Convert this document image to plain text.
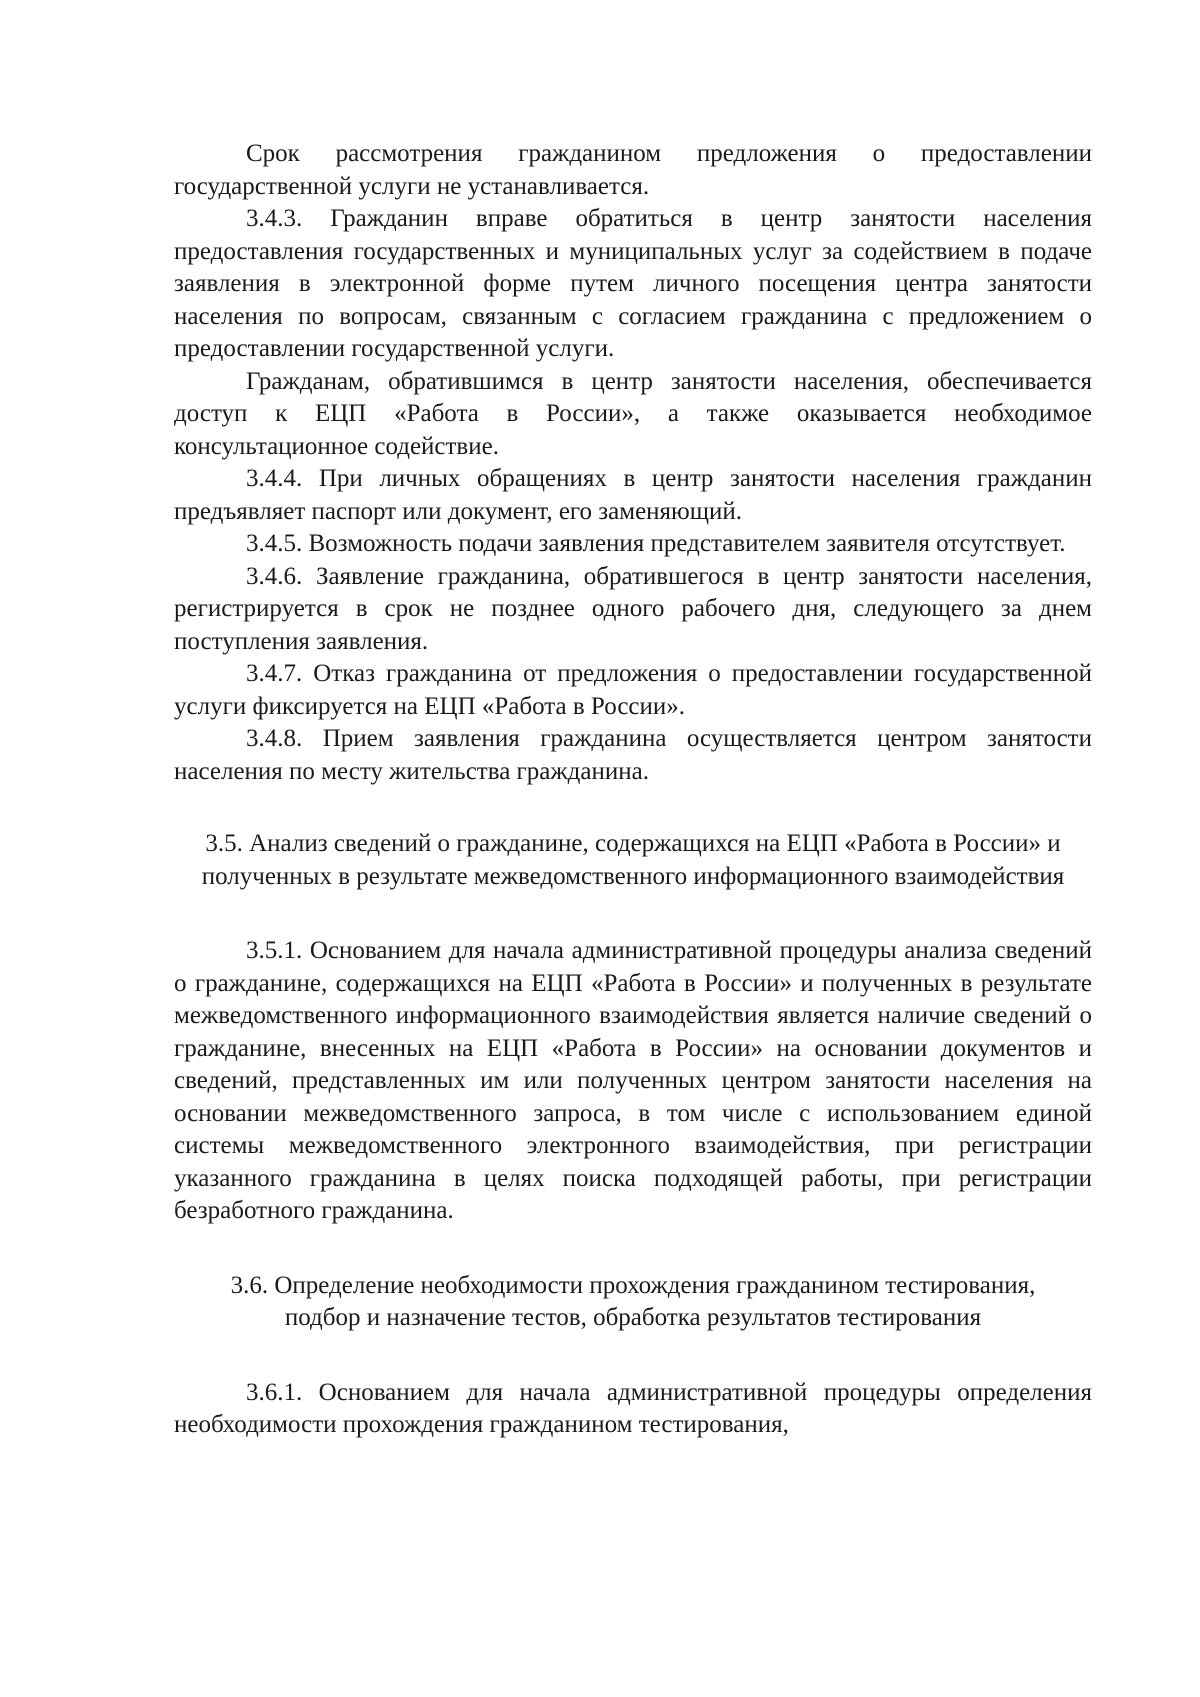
Срок рассмотрения гражданином предложения о предоставлении государственной услуги не устанавливается.

3.4.3. Гражданин вправе обратиться в центр занятости населения предоставления государственных и муниципальных услуг за содействием в подаче заявления в электронной форме путем личного посещения центра занятости населения по вопросам, связанным с согласием гражданина с предложением о предоставлении государственной услуги.

Гражданам, обратившимся в центр занятости населения, обеспечивается доступ к ЕЦП «Работа в России», а также оказывается необходимое консультационное содействие.

3.4.4. При личных обращениях в центр занятости населения гражданин предъявляет паспорт или документ, его заменяющий.

3.4.5. Возможность подачи заявления представителем заявителя отсутствует.

3.4.6. Заявление гражданина, обратившегося в центр занятости населения, регистрируется в срок не позднее одного рабочего дня, следующего за днем поступления заявления.

3.4.7. Отказ гражданина от предложения о предоставлении государственной услуги фиксируется на ЕЦП «Работа в России».

3.4.8. Прием заявления гражданина осуществляется центром занятости населения по месту жительства гражданина.

3.5. Анализ сведений о гражданине, содержащихся на ЕЦП «Работа в России» и полученных в результате межведомственного информационного взаимодействия

3.5.1. Основанием для начала административной процедуры анализа сведений о гражданине, содержащихся на ЕЦП «Работа в России» и полученных в результате межведомственного информационного взаимодействия является наличие сведений о гражданине, внесенных на ЕЦП «Работа в России» на основании документов и сведений, представленных им или полученных центром занятости населения на основании межведомственного запроса, в том числе с использованием единой системы межведомственного электронного взаимодействия, при регистрации указанного гражданина в целях поиска подходящей работы, при регистрации безработного гражданина.

3.6. Определение необходимости прохождения гражданином тестирования, подбор и назначение тестов, обработка результатов тестирования

3.6.1. Основанием для начала административной процедуры определения необходимости прохождения гражданином тестирования,
